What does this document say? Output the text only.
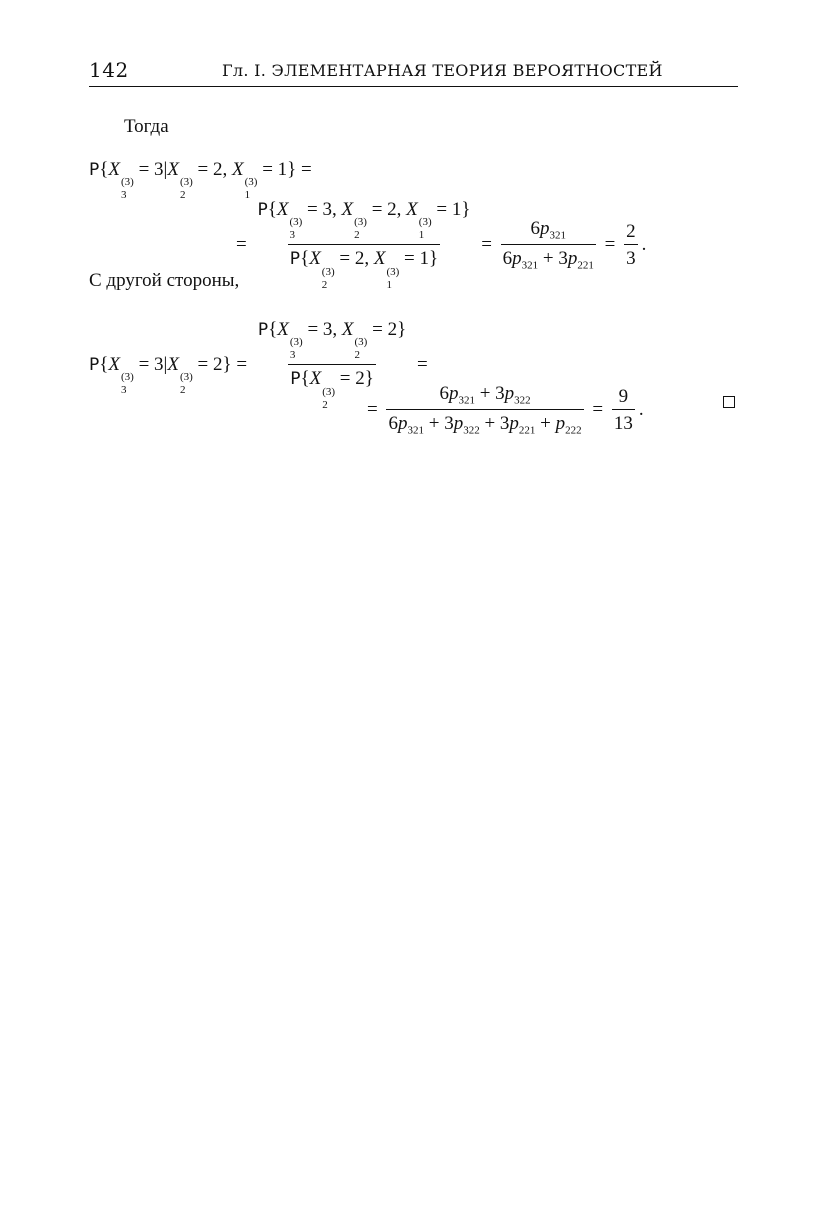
142	Гл. I. ЭЛЕМЕНТАРНАЯ ТЕОРИЯ ВЕРОЯТНОСТЕЙ
Тогда
P{X
(3)
3
= 3|X
(3)
2
= 2, X
(3)
1
= 1} =
= P{X
(3)
3
= 3, X
(3)
2
= 2, X
(3)
1
= 1}
P{X
(3)
2
= 2, X
(3)
1
= $1\} = \frac{6p_{321}}{6p_{321} + 3p_{221}} = \frac{2}{3}$ .
С другой стороны,
P{X
(3)
3
= 3|X
(3)
2
= 2} = P{X
(3)
3
= 3, X
(3)
2
= 2}
P{X
(3)
2
= 2} =
= $\frac{6p_{321} + 3p_{322}}{6p_{321} + 3p_{322} + 3p_{221} + p_{222}} = \frac{9}{13}$ .
